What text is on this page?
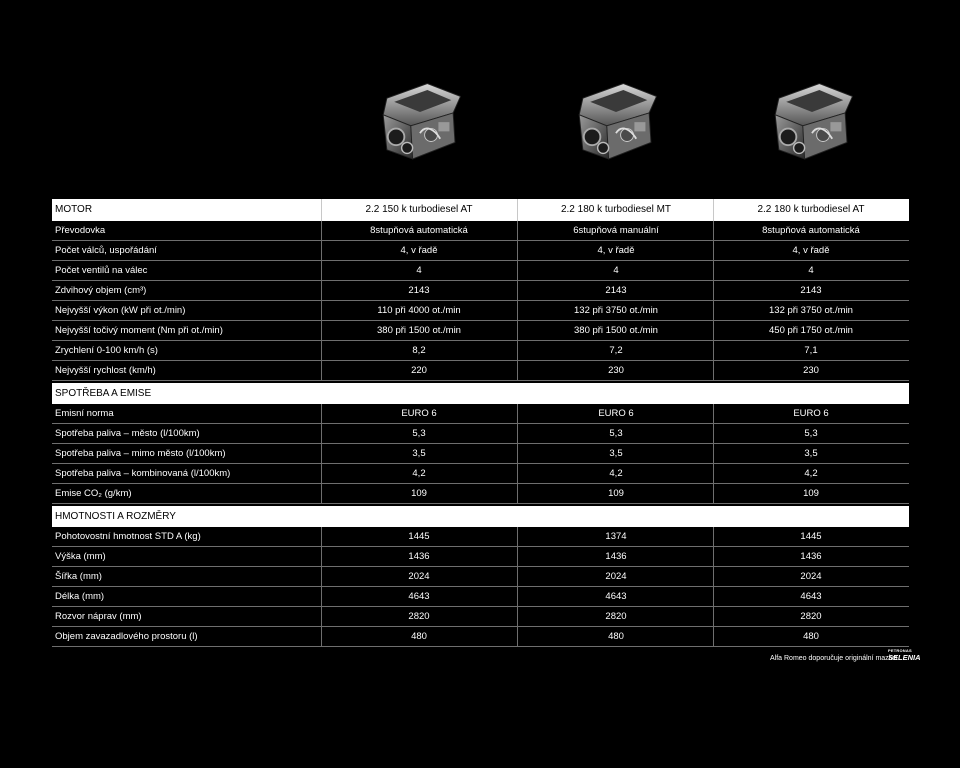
MOTOR	2.2 150 k turbodiesel AT	2.2 180 k turbodiesel MT	2.2 180 k turbodiesel AT
Převodovka	8stupňová automatická	6stupňová manuální	8stupňová automatická
Počet válců, uspořádání	4, v řadě	4, v řadě	4, v řadě
Počet ventilů na válec	4	4	4
Zdvihový objem (cm³)	2143	2143	2143
Nejvyšší výkon (kW při ot./min)	110 při 4000 ot./min	132 při 3750 ot./min	132 při 3750 ot./min
Nejvyšší točivý moment (Nm při ot./min)	380 při 1500 ot./min	380 při 1500 ot./min	450 při 1750 ot./min
Zrychlení 0-100 km/h (s)	8,2	7,2	7,1
Nejvyšší rychlost (km/h)	220	230	230
SPOTŘEBA A EMISE
Emisní norma	EURO 6	EURO 6	EURO 6
Spotřeba paliva – město (l/100km)	5,3	5,3	5,3
Spotřeba paliva – mimo město (l/100km)	3,5	3,5	3,5
Spotřeba paliva – kombinovaná (l/100km)	4,2	4,2	4,2
Emise CO₂ (g/km)	109	109	109
HMOTNOSTI A ROZMĚRY
Pohotovostní hmotnost STD A (kg)	1445	1374	1445
Výška (mm)	1436	1436	1436
Šířka (mm)	2024	2024	2024
Délka (mm)	4643	4643	4643
Rozvor náprav (mm)	2820	2820	2820
Objem zavazadlového prostoru (l)	480	480	480
Alfa Romeo doporučuje originální maziva
PETRONAS
SELENIA
